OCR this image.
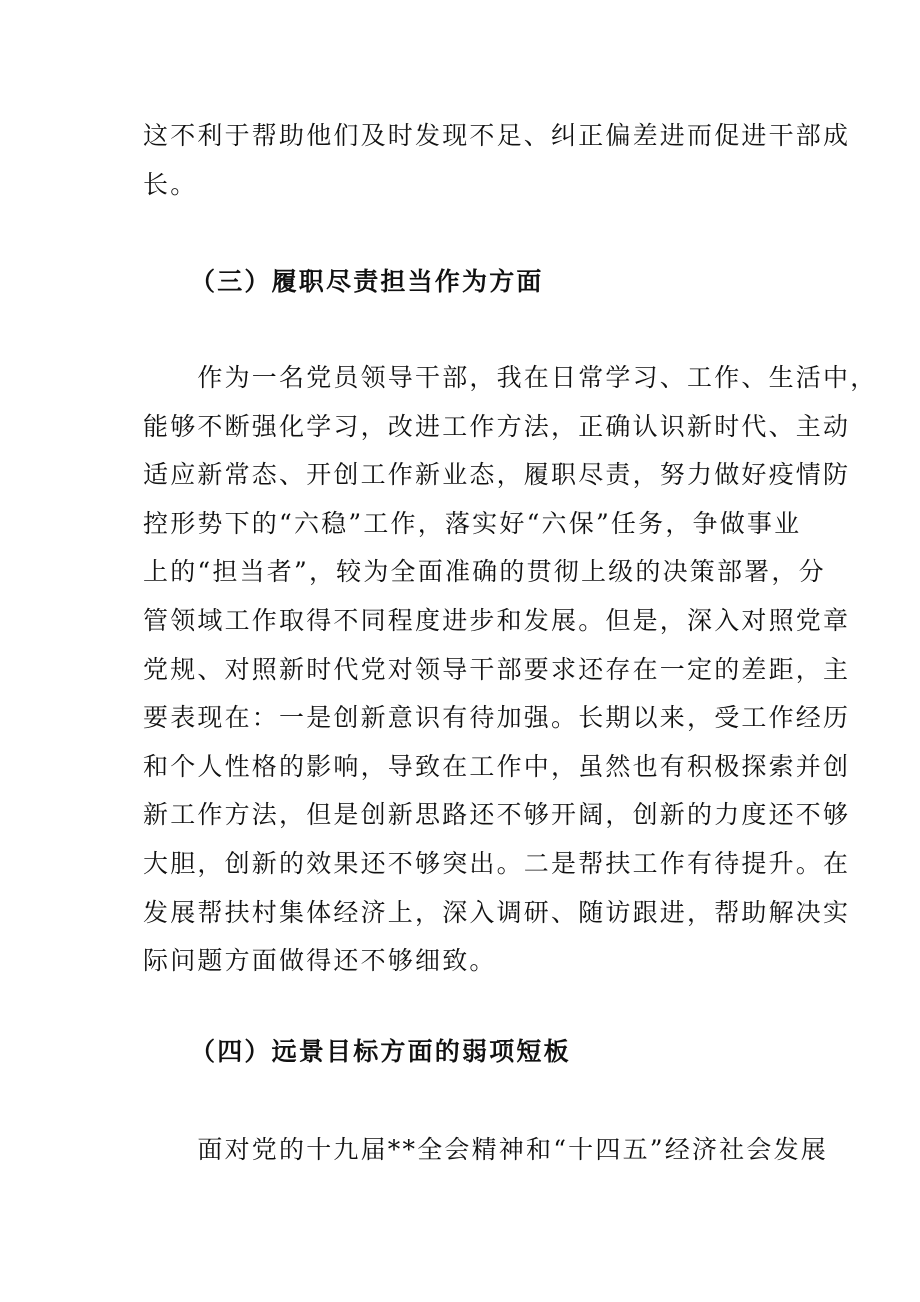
这不利于帮助他们及时发现不足、纠正偏差进而促进干部成
长。
（三）履职尽责担当作为方面
　　作为一名党员领导干部，我在日常学习、工作、生活中，
能够不断强化学习，改进工作方法，正确认识新时代、主动
适应新常态、开创工作新业态，履职尽责，努力做好疫情防
控形势下的“六稳”工作，落实好“六保”任务，争做事业
上的“担当者”，较为全面准确的贯彻上级的决策部署，分
管领域工作取得不同程度进步和发展。但是，深入对照党章
党规、对照新时代党对领导干部要求还存在一定的差距，主
要表现在：一是创新意识有待加强。长期以来，受工作经历
和个人性格的影响，导致在工作中，虽然也有积极探索并创
新工作方法，但是创新思路还不够开阔，创新的力度还不够
大胆，创新的效果还不够突出。二是帮扶工作有待提升。在
发展帮扶村集体经济上，深入调研、随访跟进，帮助解决实
际问题方面做得还不够细致。
（四）远景目标方面的弱项短板
　　面对党的十九届**全会精神和“十四五”经济社会发展
